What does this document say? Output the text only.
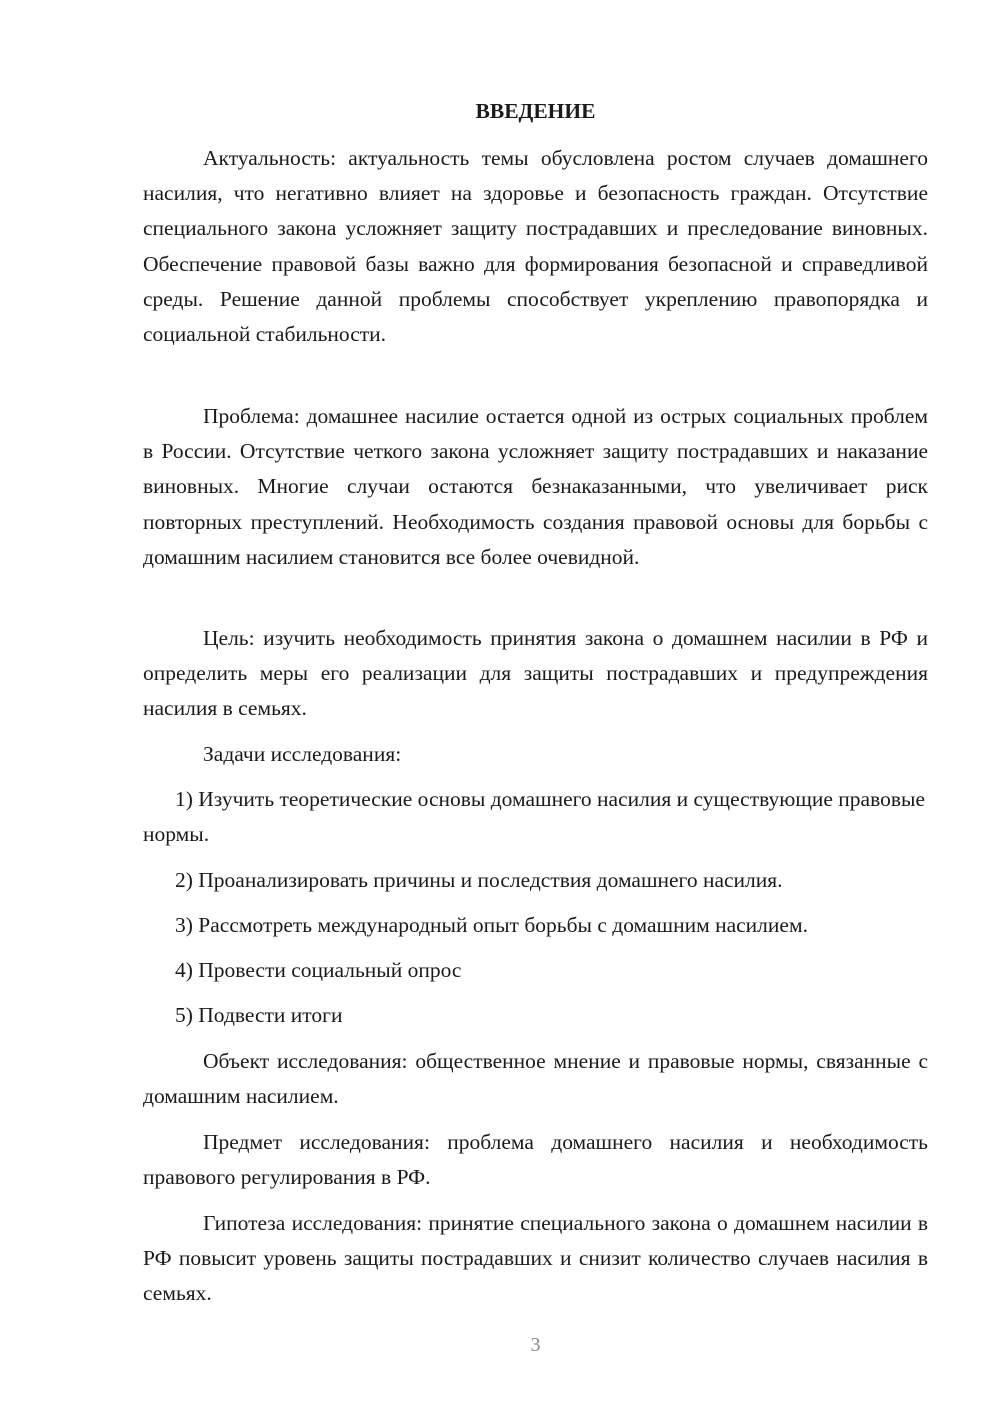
ВВЕДЕНИЕ

Актуальность: актуальность темы обусловлена ростом случаев домашнего насилия, что негативно влияет на здоровье и безопасность граждан. Отсутствие специального закона усложняет защиту пострадавших и преследование виновных. Обеспечение правовой базы важно для формирования безопасной и справедливой среды. Решение данной проблемы способствует укреплению правопорядка и социальной стабильности.

Проблема: домашнее насилие остается одной из острых социальных проблем в России. Отсутствие четкого закона усложняет защиту пострадавших и наказание виновных. Многие случаи остаются безнаказанными, что увеличивает риск повторных преступлений. Необходимость создания правовой основы для борьбы с домашним насилием становится все более очевидной.

Цель: изучить необходимость принятия закона о домашнем насилии в РФ и определить меры его реализации для защиты пострадавших и предупреждения насилия в семьях.

Задачи исследования:

1) Изучить теоретические основы домашнего насилия и существующие правовые нормы.

2) Проанализировать причины и последствия домашнего насилия.

3) Рассмотреть международный опыт борьбы с домашним насилием.

4) Провести социальный опрос

5) Подвести итоги

Объект исследования: общественное мнение и правовые нормы, связанные с домашним насилием.

Предмет исследования: проблема домашнего насилия и необходимость правового регулирования в РФ.

Гипотеза исследования: принятие специального закона о домашнем насилии в РФ повысит уровень защиты пострадавших и снизит количество случаев насилия в семьях.

3
